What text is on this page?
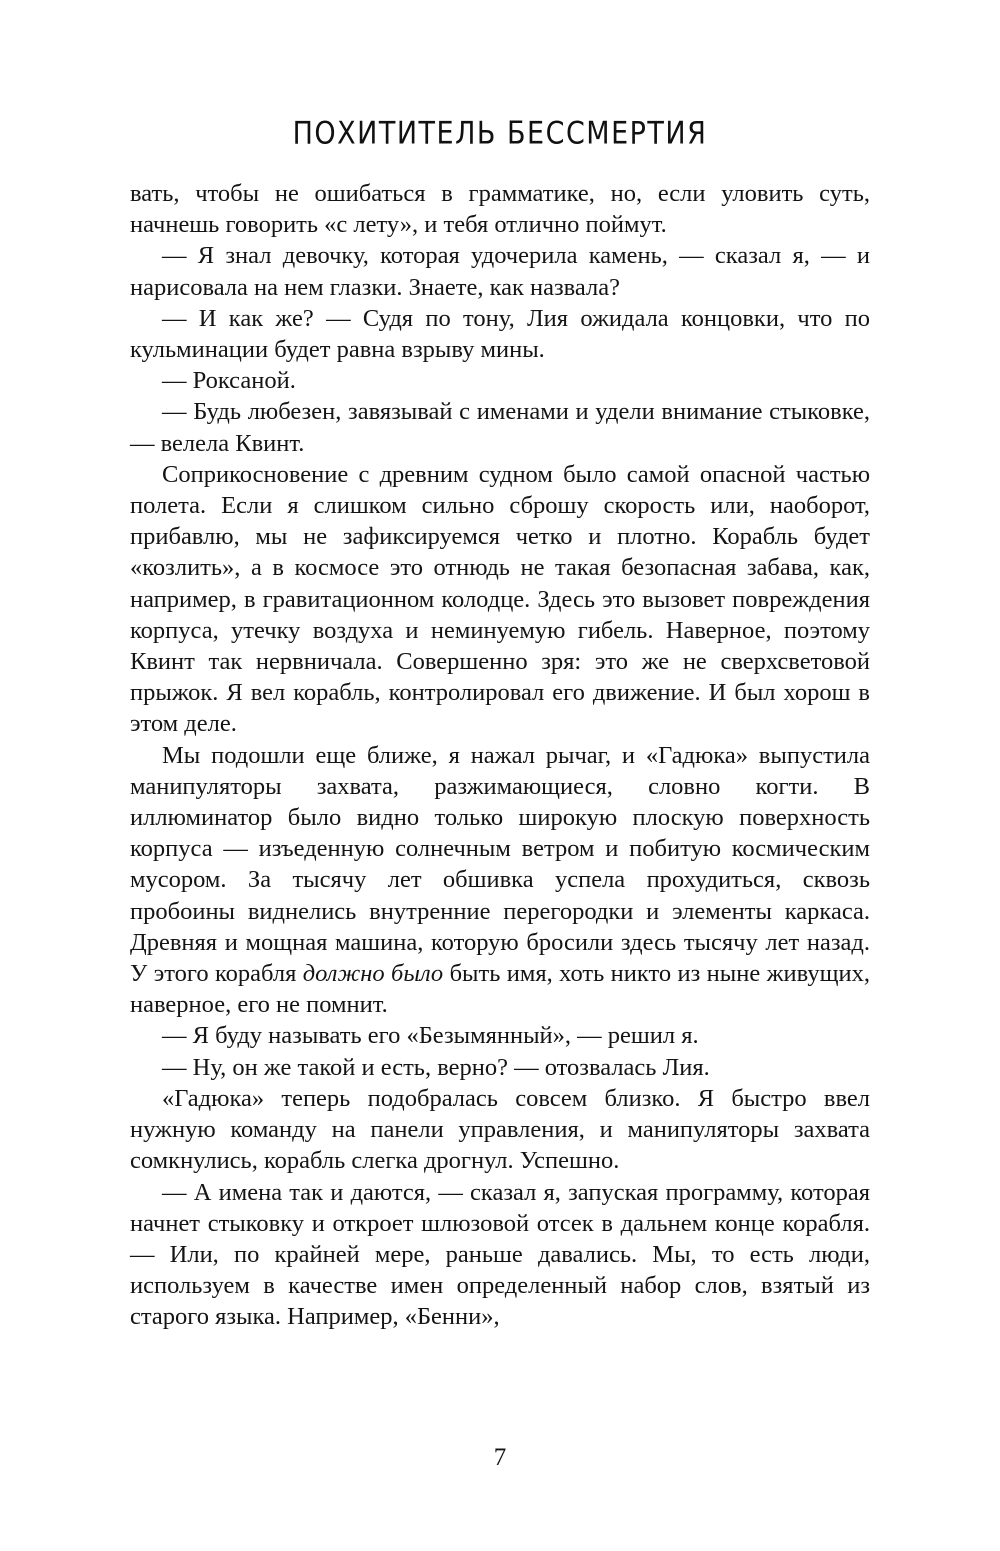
ПОХИТИТЕЛЬ БЕССМЕРТИЯ

вать, чтобы не ошибаться в грамматике, но, если уловить суть, начнешь говорить «с лету», и тебя отлично поймут.

— Я знал девочку, которая удочерила камень, — сказал я, — и нарисовала на нем глазки. Знаете, как назвала?

— И как же? — Судя по тону, Лия ожидала концовки, что по кульминации будет равна взрыву мины.

— Роксаной.

— Будь любезен, завязывай с именами и удели внимание стыковке, — велела Квинт.

Соприкосновение с древним судном было самой опасной частью полета. Если я слишком сильно сброшу скорость или, наоборот, прибавлю, мы не зафиксируемся четко и плотно. Корабль будет «козлить», а в космосе это отнюдь не такая безопасная забава, как, например, в гравитационном колодце. Здесь это вызовет повреждения корпуса, утечку воздуха и неминуемую гибель. Наверное, поэтому Квинт так нервничала. Совершенно зря: это же не сверхсветовой прыжок. Я вел корабль, контролировал его движение. И был хорош в этом деле.

Мы подошли еще ближе, я нажал рычаг, и «Гадюка» выпустила манипуляторы захвата, разжимающиеся, словно когти. В иллюминатор было видно только широкую плоскую поверхность корпуса — изъеденную солнечным ветром и побитую космическим мусором. За тысячу лет обшивка успела прохудиться, сквозь пробоины виднелись внутренние перегородки и элементы каркаса. Древняя и мощная машина, которую бросили здесь тысячу лет назад. У этого корабля должно было быть имя, хоть никто из ныне живущих, наверное, его не помнит.

— Я буду называть его «Безымянный», — решил я.

— Ну, он же такой и есть, верно? — отозвалась Лия.

«Гадюка» теперь подобралась совсем близко. Я быстро ввел нужную команду на панели управления, и манипуляторы захвата сомкнулись, корабль слегка дрогнул. Успешно.

— А имена так и даются, — сказал я, запуская программу, которая начнет стыковку и откроет шлюзовой отсек в дальнем конце корабля. — Или, по крайней мере, раньше давались. Мы, то есть люди, используем в качестве имен определенный набор слов, взятый из старого языка. Например, «Бенни»,

7
